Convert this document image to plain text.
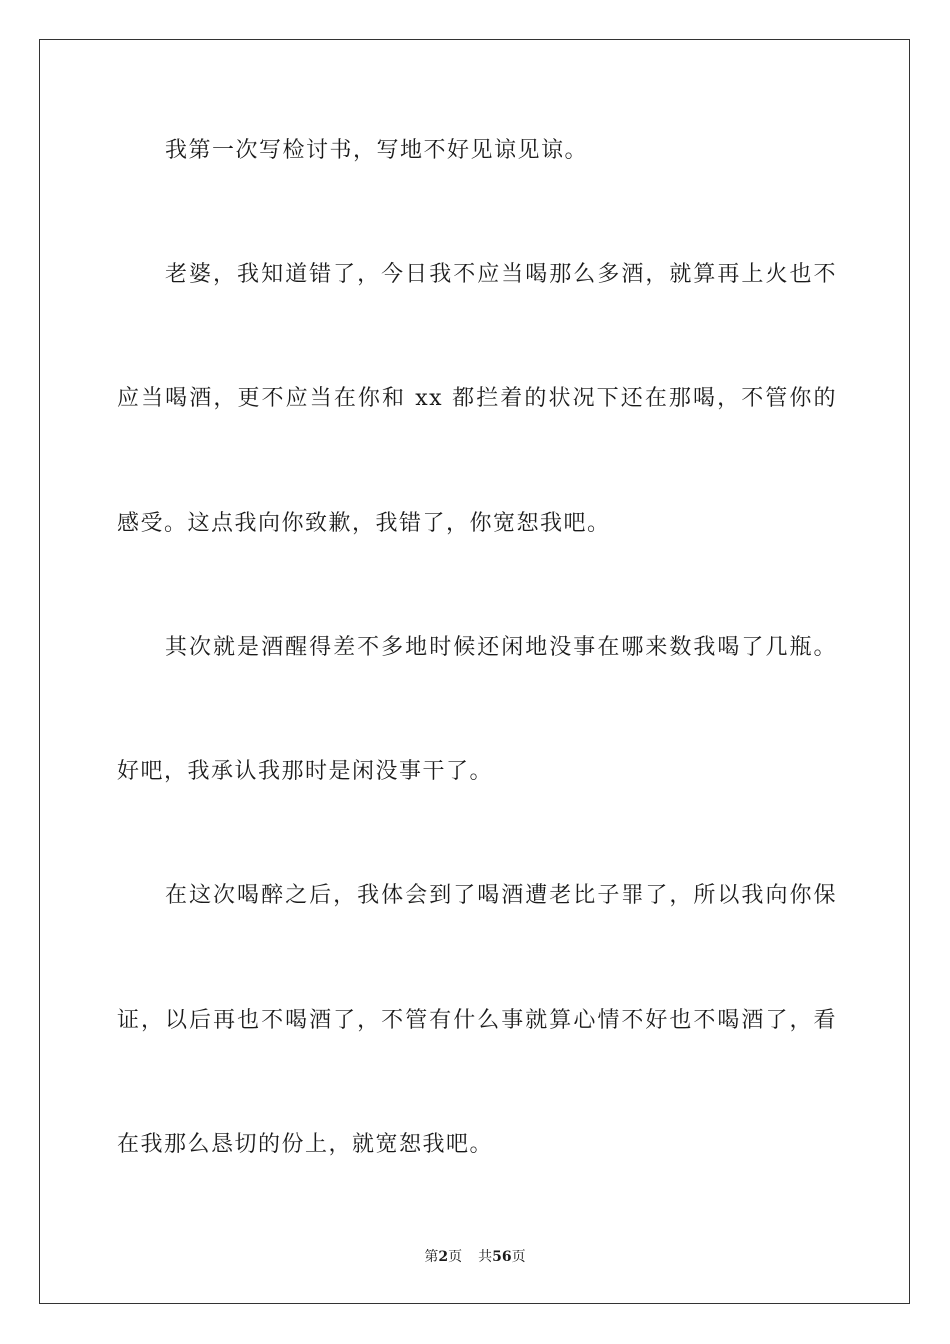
我第一次写检讨书，写地不好见谅见谅。
老婆，我知道错了，今日我不应当喝那么多酒，就算再上火也不
应当喝酒，更不应当在你和 xx 都拦着的状况下还在那喝，不管你的
感受。这点我向你致歉，我错了，你宽恕我吧。
其次就是酒醒得差不多地时候还闲地没事在哪来数我喝了几瓶。
好吧，我承认我那时是闲没事干了。
在这次喝醉之后，我体会到了喝酒遭老比子罪了，所以我向你保
证，以后再也不喝酒了，不管有什么事就算心情不好也不喝酒了，看
在我那么恳切的份上，就宽恕我吧。
第2页 共56页
